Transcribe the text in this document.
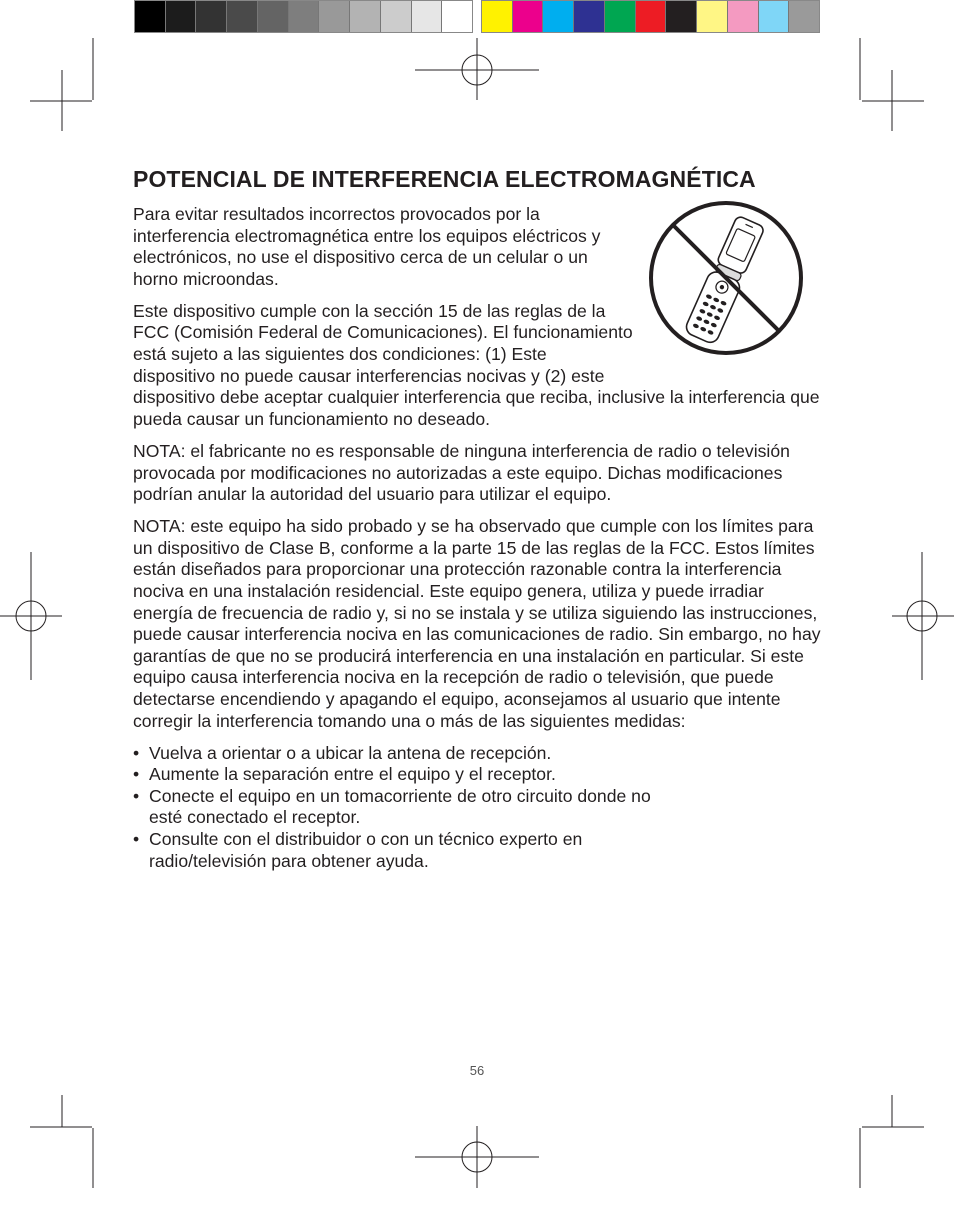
POTENCIAL DE INTERFERENCIA ELECTROMAGNÉTICA

Para evitar resultados incorrectos provocados por la interferencia electromagnética entre los equipos eléctricos y electrónicos, no use el dispositivo cerca de un celular o un horno microondas.

Este dispositivo cumple con la sección 15 de las reglas de la FCC (Comisión Federal de Comunicaciones). El funcionamiento está sujeto a las siguientes dos condiciones: (1) Este dispositivo no puede causar interferencias nocivas y (2) este dispositivo debe aceptar cualquier interferencia que reciba, inclusive la interferencia que pueda causar un funcionamiento no deseado.

NOTA: el fabricante no es responsable de ninguna interferencia de radio o televisión provocada por modificaciones no autorizadas a este equipo. Dichas modificaciones podrían anular la autoridad del usuario para utilizar el equipo.

NOTA: este equipo ha sido probado y se ha observado que cumple con los límites para un dispositivo de Clase B, conforme a la parte 15 de las reglas de la FCC. Estos límites están diseñados para proporcionar una protección razonable contra la interferencia nociva en una instalación residencial. Este equipo genera, utiliza y puede irradiar energía de frecuencia de radio y, si no se instala y se utiliza siguiendo las instrucciones, puede causar interferencia nociva en las comunicaciones de radio. Sin embargo, no hay garantías de que no se producirá interferencia en una instalación en particular. Si este equipo causa interferencia nociva en la recepción de radio o televisión, que puede detectarse encendiendo y apagando el equipo, aconsejamos al usuario que intente corregir la interferencia tomando una o más de las siguientes medidas:

• Vuelva a orientar o a ubicar la antena de recepción.
• Aumente la separación entre el equipo y el receptor.
• Conecte el equipo en un tomacorriente de otro circuito donde no esté conectado el receptor.
• Consulte con el distribuidor o con un técnico experto en radio/televisión para obtener ayuda.
56
